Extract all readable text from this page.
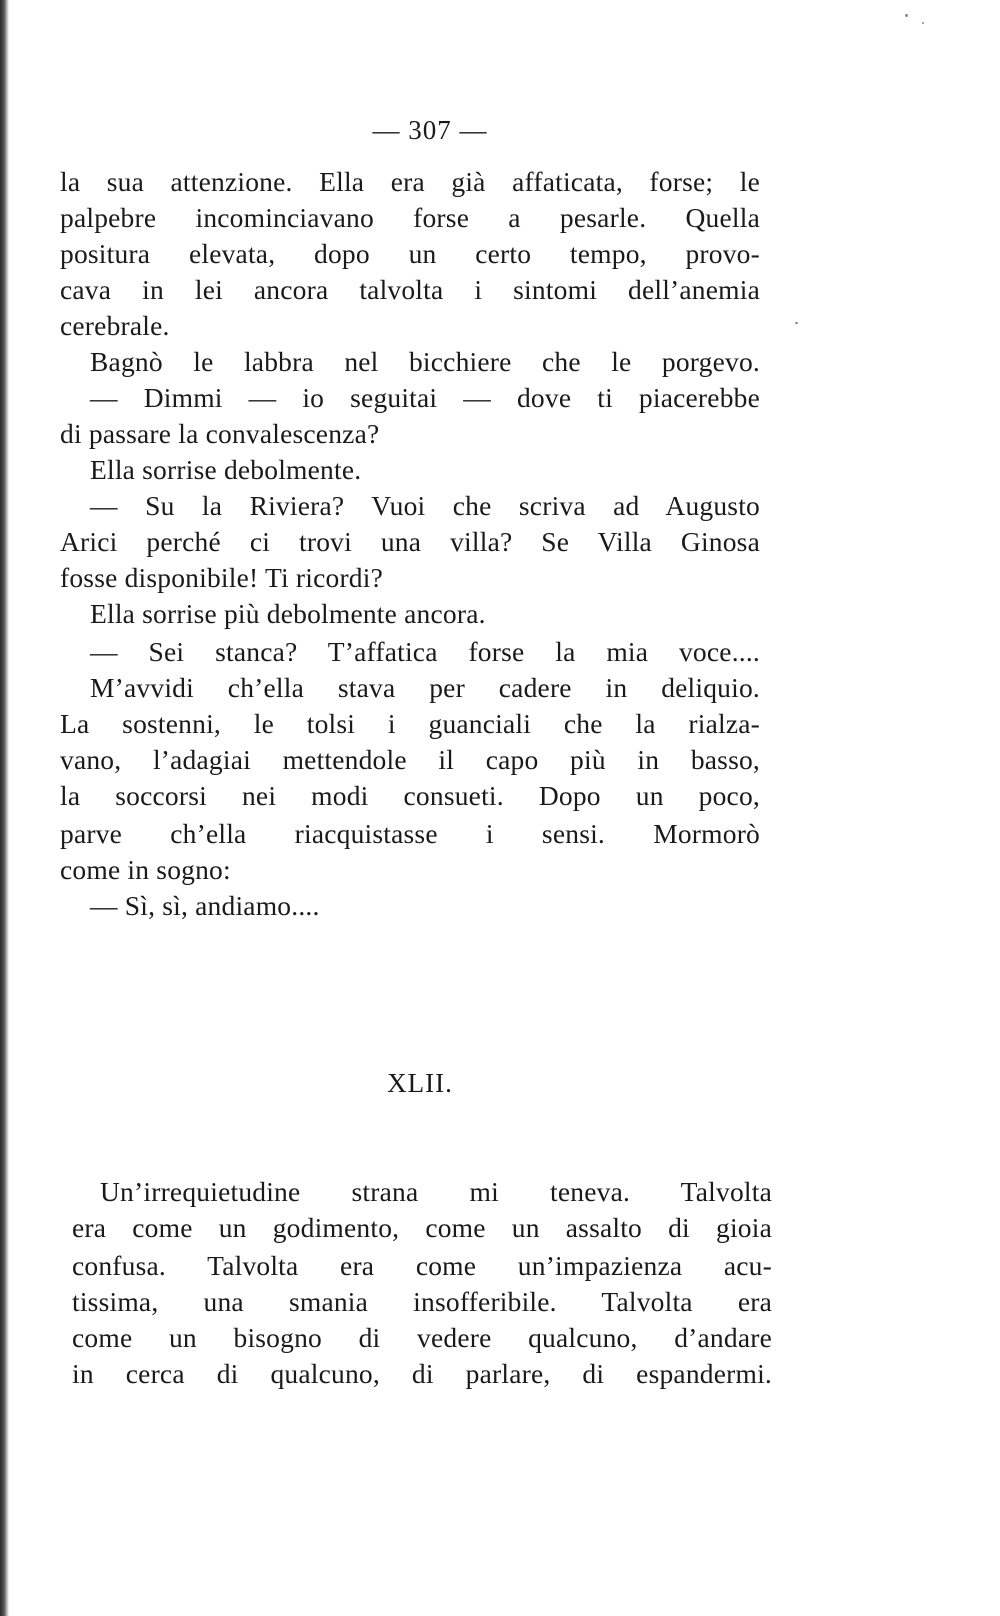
— 307 —
la sua attenzione. Ella era già affaticata, forse; le
palpebre incominciavano forse a pesarle. Quella
positura elevata, dopo un certo tempo, provo-
cava in lei ancora talvolta i sintomi dell’anemia
cerebrale.
Bagnò le labbra nel bicchiere che le porgevo.
— Dimmi — io seguitai — dove ti piacerebbe
di passare la convalescenza?
Ella sorrise debolmente.
— Su la Riviera? Vuoi che scriva ad Augusto
Arici perché ci trovi una villa? Se Villa Ginosa
fosse disponibile! Ti ricordi?
Ella sorrise più debolmente ancora.
— Sei stanca? T’affatica forse la mia voce....
M’avvidi ch’ella stava per cadere in deliquio.
La sostenni, le tolsi i guanciali che la rialza-
vano, l’adagiai mettendole il capo più in basso,
la soccorsi nei modi consueti. Dopo un poco,
parve ch’ella riacquistasse i sensi. Mormorò
come in sogno:
— Sì, sì, andiamo....
XLII.
Un’irrequietudine strana mi teneva. Talvolta
era come un godimento, come un assalto di gioia
confusa. Talvolta era come un’impazienza acu-
tissima, una smania insofferibile. Talvolta era
come un bisogno di vedere qualcuno, d’andare
in cerca di qualcuno, di parlare, di espandermi.
